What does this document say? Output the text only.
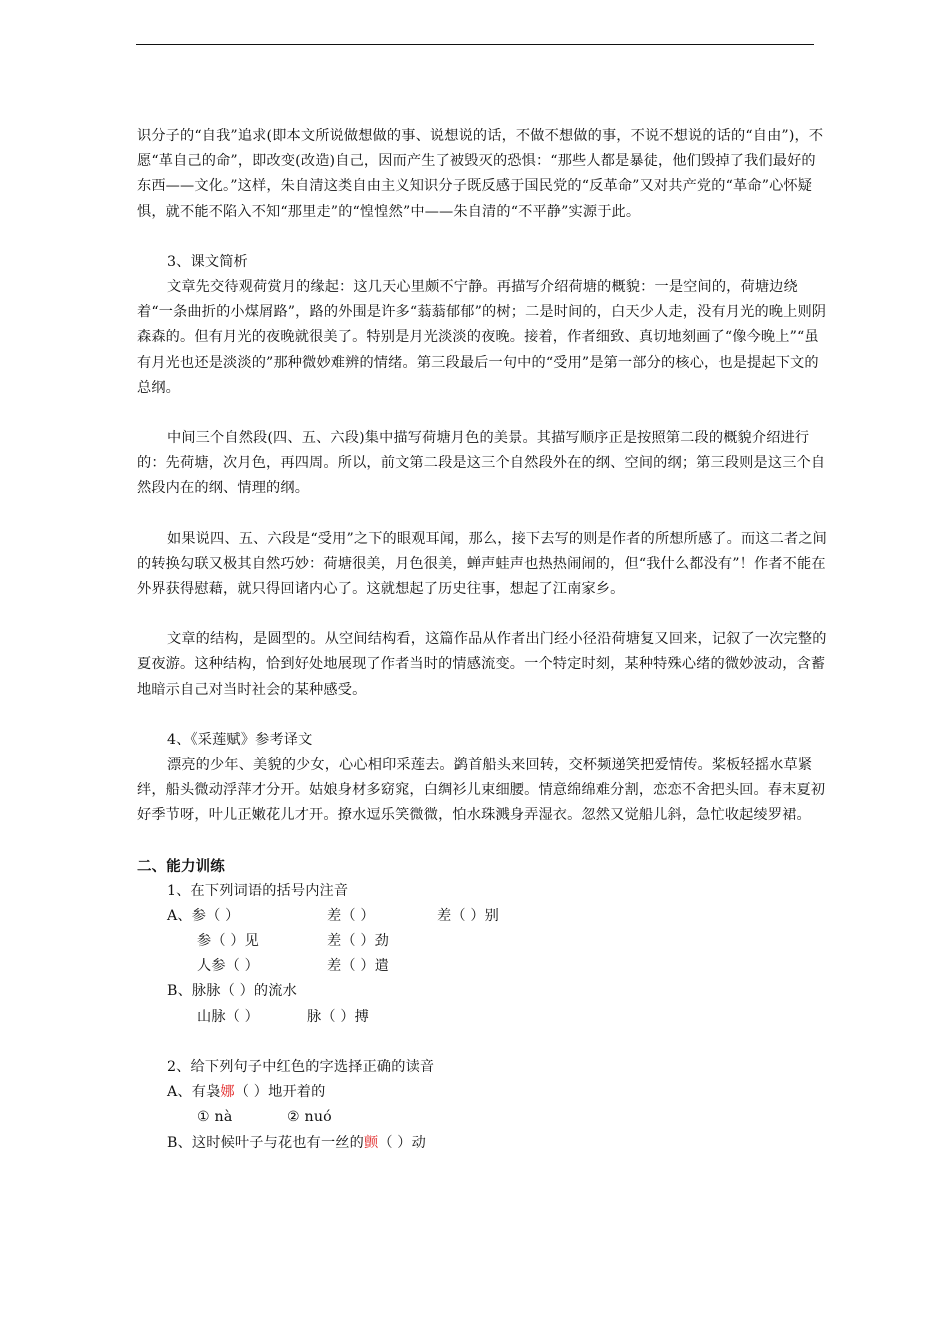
识分子的“自我”追求(即本文所说做想做的事、说想说的话，不做不想做的事，不说不想说的话的“自由”)，不愿“革自己的命”，即改变(改造)自己，因而产生了被毁灭的恐惧：“那些人都是暴徒，他们毁掉了我们最好的东西——文化。”这样，朱自清这类自由主义知识分子既反感于国民党的“反革命”又对共产党的“革命”心怀疑惧，就不能不陷入不知“那里走”的“惶惶然”中——朱自清的“不平静”实源于此。

3、课文简析

文章先交待观荷赏月的缘起：这几天心里颇不宁静。再描写介绍荷塘的概貌：一是空间的，荷塘边绕着“一条曲折的小煤屑路”，路的外围是许多“蓊蓊郁郁”的树；二是时间的，白天少人走，没有月光的晚上则阴森森的。但有月光的夜晚就很美了。特别是月光淡淡的夜晚。接着，作者细致、真切地刻画了“像今晚上”“虽有月光也还是淡淡的”那种微妙难辨的情绪。第三段最后一句中的“受用”是第一部分的核心，也是提起下文的总纲。

中间三个自然段(四、五、六段)集中描写荷塘月色的美景。其描写顺序正是按照第二段的概貌介绍进行的：先荷塘，次月色，再四周。所以，前文第二段是这三个自然段外在的纲、空间的纲；第三段则是这三个自然段内在的纲、情理的纲。

如果说四、五、六段是“受用”之下的眼观耳闻，那么，接下去写的则是作者的所想所感了。而这二者之间的转换勾联又极其自然巧妙：荷塘很美，月色很美，蝉声蛙声也热热闹闹的，但“我什么都没有”！作者不能在外界获得慰藉，就只得回诸内心了。这就想起了历史往事，想起了江南家乡。

文章的结构，是圆型的。从空间结构看，这篇作品从作者出门经小径沿荷塘复又回来，记叙了一次完整的夏夜游。这种结构，恰到好处地展现了作者当时的情感流变。一个特定时刻，某种特殊心绪的微妙波动，含蓄地暗示自己对当时社会的某种感受。

4、《采莲赋》参考译文

漂亮的少年、美貌的少女，心心相印采莲去。鹢首船头来回转，交杯频递笑把爱情传。桨板轻摇水草紧绊，船头微动浮萍才分开。姑娘身材多窈窕，白绸衫儿束细腰。情意绵绵难分割，恋恋不舍把头回。春末夏初好季节呀，叶儿正嫩花儿才开。撩水逗乐笑微微，怕水珠溅身弄湿衣。忽然又觉船儿斜，急忙收起绫罗裙。

二、能力训练

1、在下列词语的括号内注音

A、参（ ）	差（ ）	差（ ）别
参（ ）见	差（ ）劲
人参（ ）	差（ ）遣

B、脉脉（ ）的流水

山脉（ ）	脉（ ）搏

2、给下列句子中红色的字选择正确的读音

A、有袅娜（ ）地开着的

① nà	② nuó

B、这时候叶子与花也有一丝的颤（ ）动
